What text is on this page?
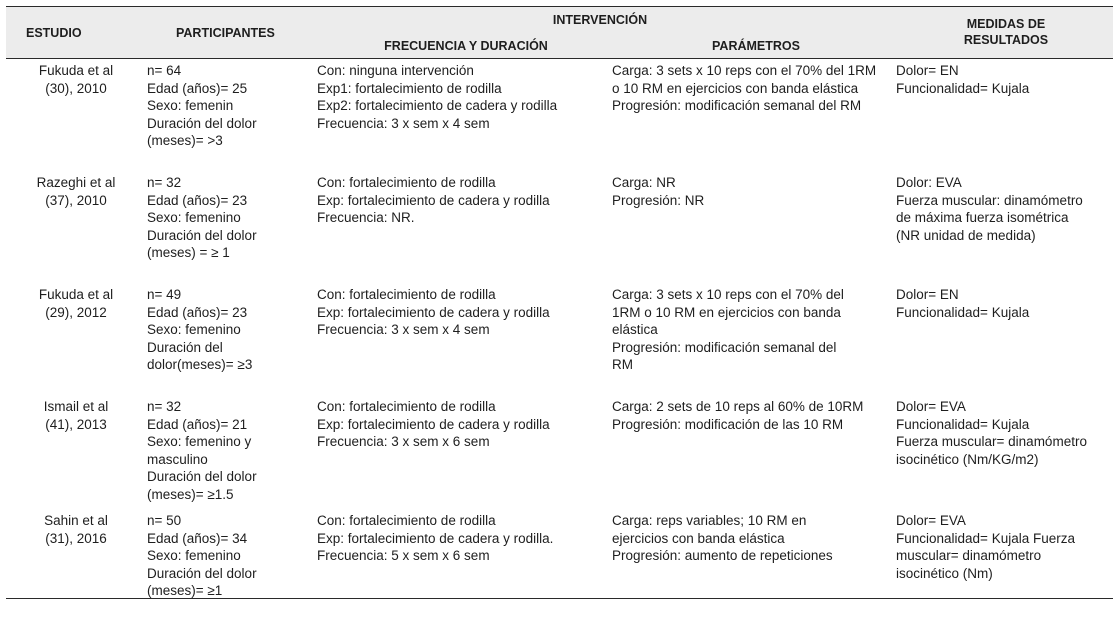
ESTUDIO	PARTICIPANTES
INTERVENCIÓN
FRECUENCIA Y DURACIÓN	PARÁMETROS
MEDIDAS DE
RESULTADOS
Fukuda et al
(30), 2010
n= 64
Edad (años)= 25
Sexo: femenin
Duración del dolor
(meses)= >3
Con: ninguna intervención
Exp1: fortalecimiento de rodilla
Exp2: fortalecimiento de cadera y rodilla
Frecuencia: 3 x sem x 4 sem
Carga: 3 sets x 10 reps con el 70% del 1RM
o 10 RM en ejercicios con banda elástica
Progresión: modificación semanal del RM
Dolor= EN
Funcionalidad= Kujala
Razeghi et al
(37), 2010
n= 32
Edad (años)= 23
Sexo: femenino
Duración del dolor
(meses) = ≥ 1
Con: fortalecimiento de rodilla
Exp: fortalecimiento de cadera y rodilla
Frecuencia: NR.
Carga: NR
Progresión: NR
Dolor: EVA
Fuerza muscular: dinamómetro
de máxima fuerza isométrica
(NR unidad de medida)
Fukuda et al
(29), 2012
n= 49
Edad (años)= 23
Sexo: femenino
Duración del
dolor(meses)= ≥3
Con: fortalecimiento de rodilla
Exp: fortalecimiento de cadera y rodilla
Frecuencia: 3 x sem x 4 sem
Carga: 3 sets x 10 reps con el 70% del
1RM o 10 RM en ejercicios con banda
elástica
Progresión: modificación semanal del
RM
Dolor= EN
Funcionalidad= Kujala
Ismail et al
(41), 2013
n= 32
Edad (años)= 21
Sexo: femenino y
masculino
Duración del dolor
(meses)= ≥1.5
Con: fortalecimiento de rodilla
Exp: fortalecimiento de cadera y rodilla
Frecuencia: 3 x sem x 6 sem
Carga: 2 sets de 10 reps al 60% de 10RM
Progresión: modificación de las 10 RM
Dolor= EVA
Funcionalidad= Kujala
Fuerza muscular= dinamómetro
isocinético (Nm/KG/m2)
Sahin et al
(31), 2016
n= 50
Edad (años)= 34
Sexo: femenino
Duración del dolor
(meses)= ≥1
Con: fortalecimiento de rodilla
Exp: fortalecimiento de cadera y rodilla.
Frecuencia: 5 x sem x 6 sem
Carga: reps variables; 10 RM en
ejercicios con banda elástica
Progresión: aumento de repeticiones
Dolor= EVA
Funcionalidad= Kujala Fuerza
muscular= dinamómetro
isocinético (Nm)
